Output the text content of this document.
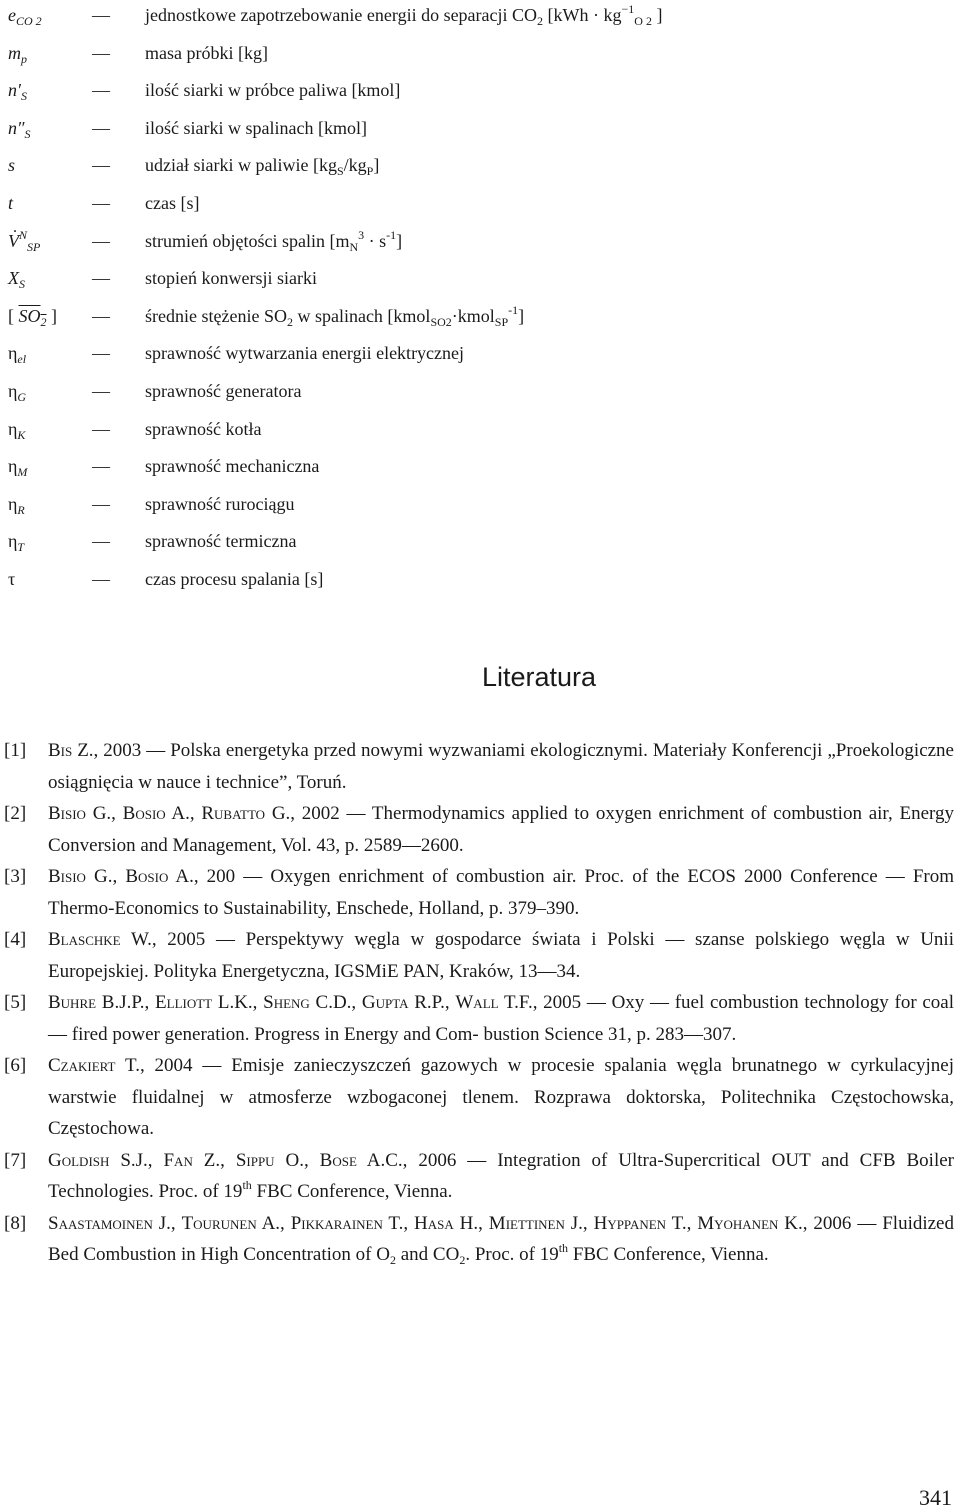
$e_{CO 2}$	— jednostkowe zapotrzebowanie energii do separacji $CO_2$ [$kWh \cdot kg^{-1}_{O 2}$ ]
$m_p$	— masa próbki [kg]
$n'_S$	— ilość siarki w próbce paliwa [kmol]
$n''_S$	— ilość siarki w spalinach [kmol]
s	— udział siarki w paliwie $[kg_S/kg_P]$
t	— czas [s]
˙ $V^N_{SP}$	— strumień objętości spalin $[m_N^3 \cdot s^{-1}]$
$X_S$	— stopień konwersji siarki
[ $SO_2$ ] — średnie stężenie $SO_2$ w spalinach [kmol$_{SO2}$·kmol$_{SP}^{-1}$]
$\eta_{el}$	— sprawność wytwarzania energii elektrycznej
$\eta_G$	— sprawność generatora
$\eta_K$	— sprawność kotła
$\eta_M$	— sprawność mechaniczna
$\eta_R$	— sprawność rurociągu
$\eta_T$	— sprawność termiczna
τ	— czas procesu spalania [s]
Literatura
[1] Bis Z., 2003 — Polska energetyka przed nowymi wyzwaniami ekologicznymi. Materiały Konferencji „Proekologiczne osiągnięcia w nauce i technice”, Toruń.
[2] Bisio G., Bosio A., Rubatto G., 2002 — Thermodynamics applied to oxygen enrichment of combustion air, Energy Conversion and Management, Vol. 43, p. 2589—2600.
[3] Bisio G., Bosio A., 200 — Oxygen enrichment of combustion air. Proc. of the ECOS 2000 Conference — From Thermo-Economics to Sustainability, Enschede, Holland, p. 379–390.
[4] Blaschke W., 2005 — Perspektywy węgla w gospodarce świata i Polski — szanse polskiego węgla w Unii Europejskiej. Polityka Energetyczna, IGSMiE PAN, Kraków, 13—34.
[5] Buhre B.J.P., Elliott L.K., Sheng C.D., Gupta R.P., Wall T.F., 2005 — Oxy — fuel combustion technology for coal — fired power generation. Progress in Energy and Com- bustion Science 31, p. 283—307.
[6] Czakiert T., 2004 — Emisje zanieczyszczeń gazowych w procesie spalania węgla brunatnego w cyrkulacyjnej warstwie fluidalnej w atmosferze wzbogaconej tlenem. Rozprawa doktorska, Politechnika Częstochowska, Częstochowa.
[7] Goldish S.J., Fan Z., Sippu O., Bose A.C., 2006 — Integration of Ultra-Supercritical OUT and CFB Boiler Technologies. Proc. of 19th FBC Conference, Vienna.
[8] Saastamoinen J., Tourunen A., Pikkarainen T., Hasa H., Miettinen J., Hyppanen T., Myohanen K., 2006 — Fluidized Bed Combustion in High Concentration of $O_2$ and $CO_2$. Proc. of 19th FBC Conference, Vienna.
341
